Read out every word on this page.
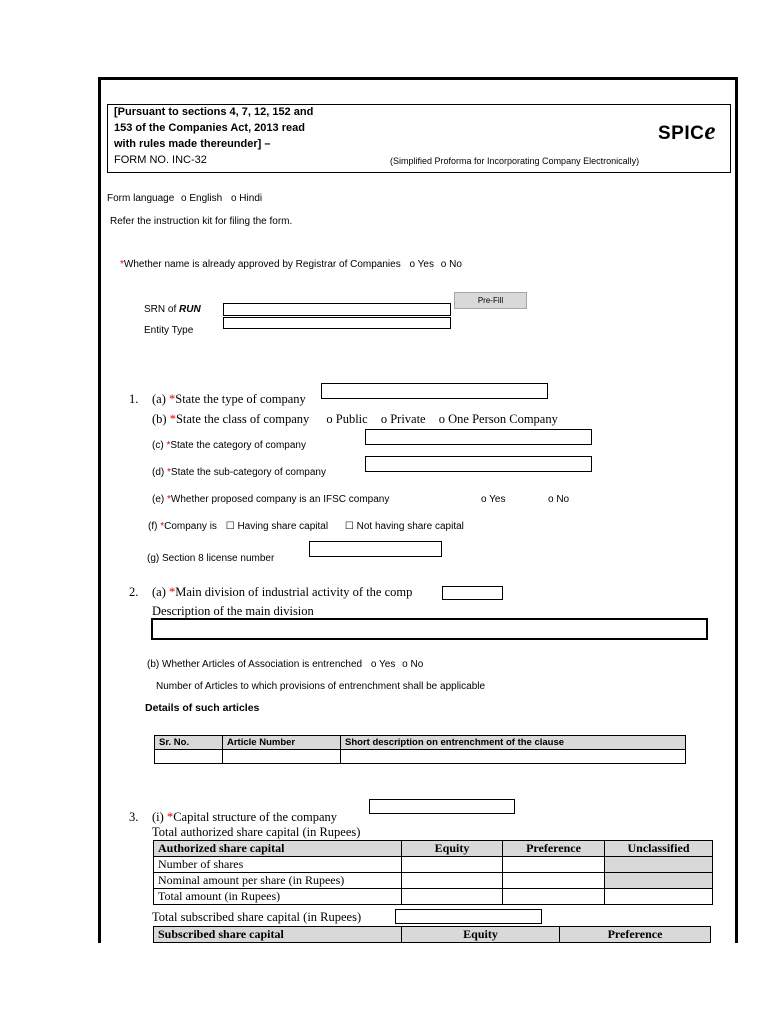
[Pursuant to sections 4, 7, 12, 152 and
153 of the Companies Act, 2013 read
with rules made thereunder] –
FORM NO. INC-32
SPICe
(Simplified Proforma for Incorporating Company Electronically)
Form language o English o Hindi
Refer the instruction kit for filing the form.
*Whether name is already approved by Registrar of Companies o Yes o No
SRN of RUN
Pre-Fill
Entity Type
1. (a) *State the type of company
(b) *State the class of company o Public o Private o One Person Company
(c) *State the category of company
(d) *State the sub-category of company
(e) *Whether proposed company is an IFSC company	o Yes	o No
(f) *Company is ☐ Having share capital ☐ Not having share capital
(g) Section 8 license number
2. (a) *Main division of industrial activity of the comp
Description of the main division
(b) Whether Articles of Association is entrenched o Yes o No
Number of Articles to which provisions of entrenchment shall be applicable
Details of such articles
Sr. No.	Article Number	Short description on entrenchment of the clause

3. (i) *Capital structure of the company
Total authorized share capital (in Rupees)
Authorized share capital	Equity	Preference	Unclassified
Number of shares			
Nominal amount per share (in Rupees)			
Total amount (in Rupees)			
Total subscribed share capital (in Rupees)
Subscribed share capital	Equity	Preference
